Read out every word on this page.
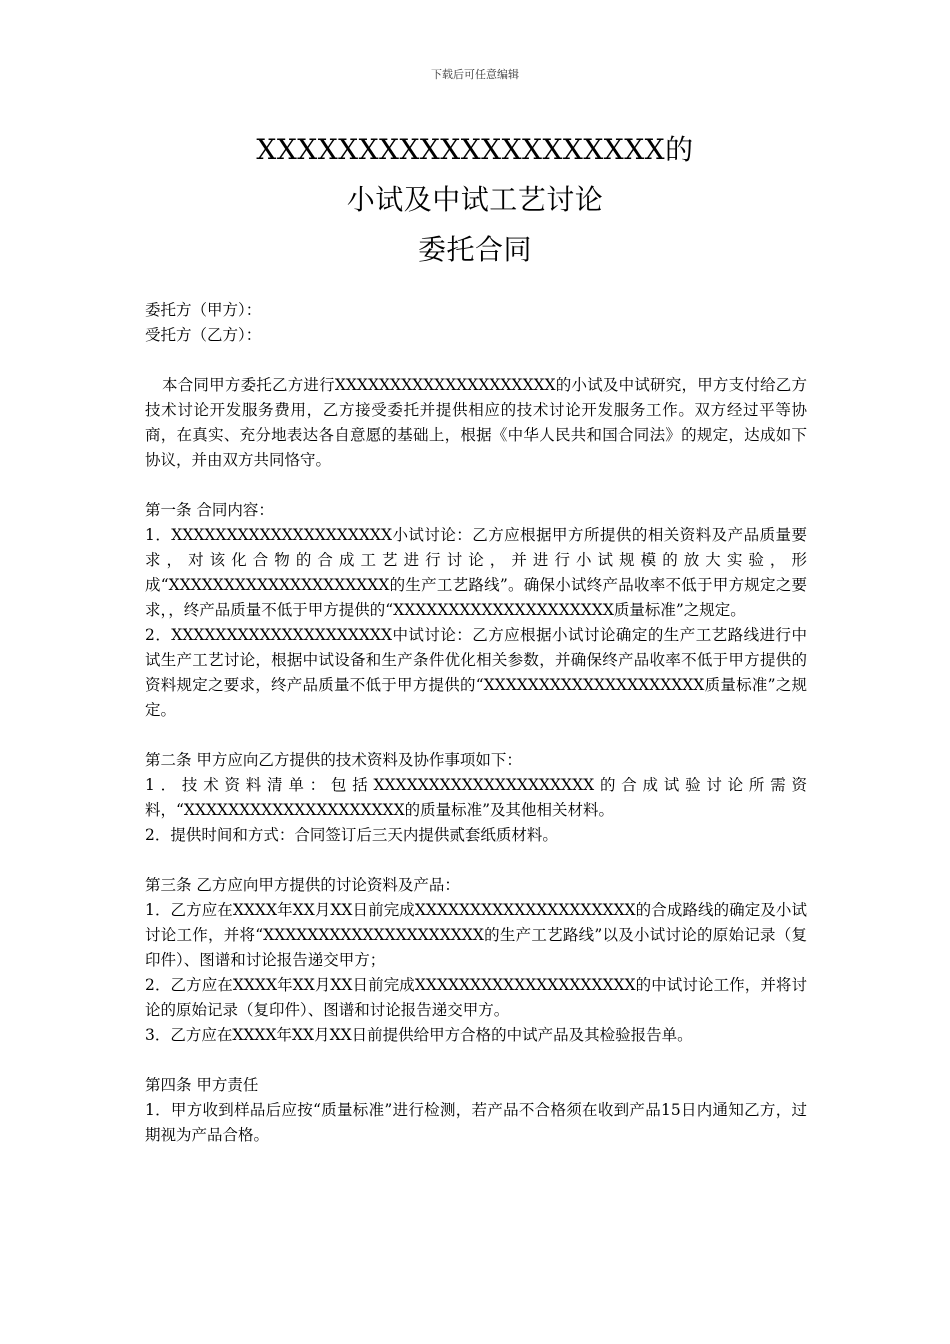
下载后可任意编辑
XXXXXXXXXXXXXXXXXXXX的
小试及中试工艺讨论
委托合同

委托方（甲方）：

受托方（乙方）：

本合同甲方委托乙方进行XXXXXXXXXXXXXXXXXXXX的小试及中试研究，甲方支付给乙方技术讨论开发服务费用，乙方接受委托并提供相应的技术讨论开发服务工作。双方经过平等协商，在真实、充分地表达各自意愿的基础上，根据《中华人民共和国合同法》的规定，达成如下协议，并由双方共同恪守。

第一条 合同内容：

1．XXXXXXXXXXXXXXXXXXXX小试讨论：乙方应根据甲方所提供的相关资料及产品质量要求，对该化合物的合成工艺进行讨论，并进行小试规模的放大实验，形成“XXXXXXXXXXXXXXXXXXXX的生产工艺路线”。确保小试终产品收率不低于甲方规定之要求，，终产品质量不低于甲方提供的“XXXXXXXXXXXXXXXXXXXX质量标准”之规定。

2．XXXXXXXXXXXXXXXXXXXX中试讨论：乙方应根据小试讨论确定的生产工艺路线进行中试生产工艺讨论，根据中试设备和生产条件优化相关参数，并确保终产品收率不低于甲方提供的资料规定之要求，终产品质量不低于甲方提供的“XXXXXXXXXXXXXXXXXXXX质量标准”之规定。

第二条 甲方应向乙方提供的技术资料及协作事项如下：

1．技术资料清单：包括XXXXXXXXXXXXXXXXXXXX的合成试验讨论所需资料，“XXXXXXXXXXXXXXXXXXXX的质量标准”及其他相关材料。

2．提供时间和方式：合同签订后三天内提供贰套纸质材料。

第三条 乙方应向甲方提供的讨论资料及产品：

1．乙方应在XXXX年XX月XX日前完成XXXXXXXXXXXXXXXXXXXX的合成路线的确定及小试讨论工作，并将“XXXXXXXXXXXXXXXXXXXX的生产工艺路线”以及小试讨论的原始记录（复印件）、图谱和讨论报告递交甲方；

2．乙方应在XXXX年XX月XX日前完成XXXXXXXXXXXXXXXXXXXX的中试讨论工作，并将讨论的原始记录（复印件）、图谱和讨论报告递交甲方。

3．乙方应在XXXX年XX月XX日前提供给甲方合格的中试产品及其检验报告单。

第四条 甲方责任

1．甲方收到样品后应按“质量标准”进行检测，若产品不合格须在收到产品15日内通知乙方，过期视为产品合格。
